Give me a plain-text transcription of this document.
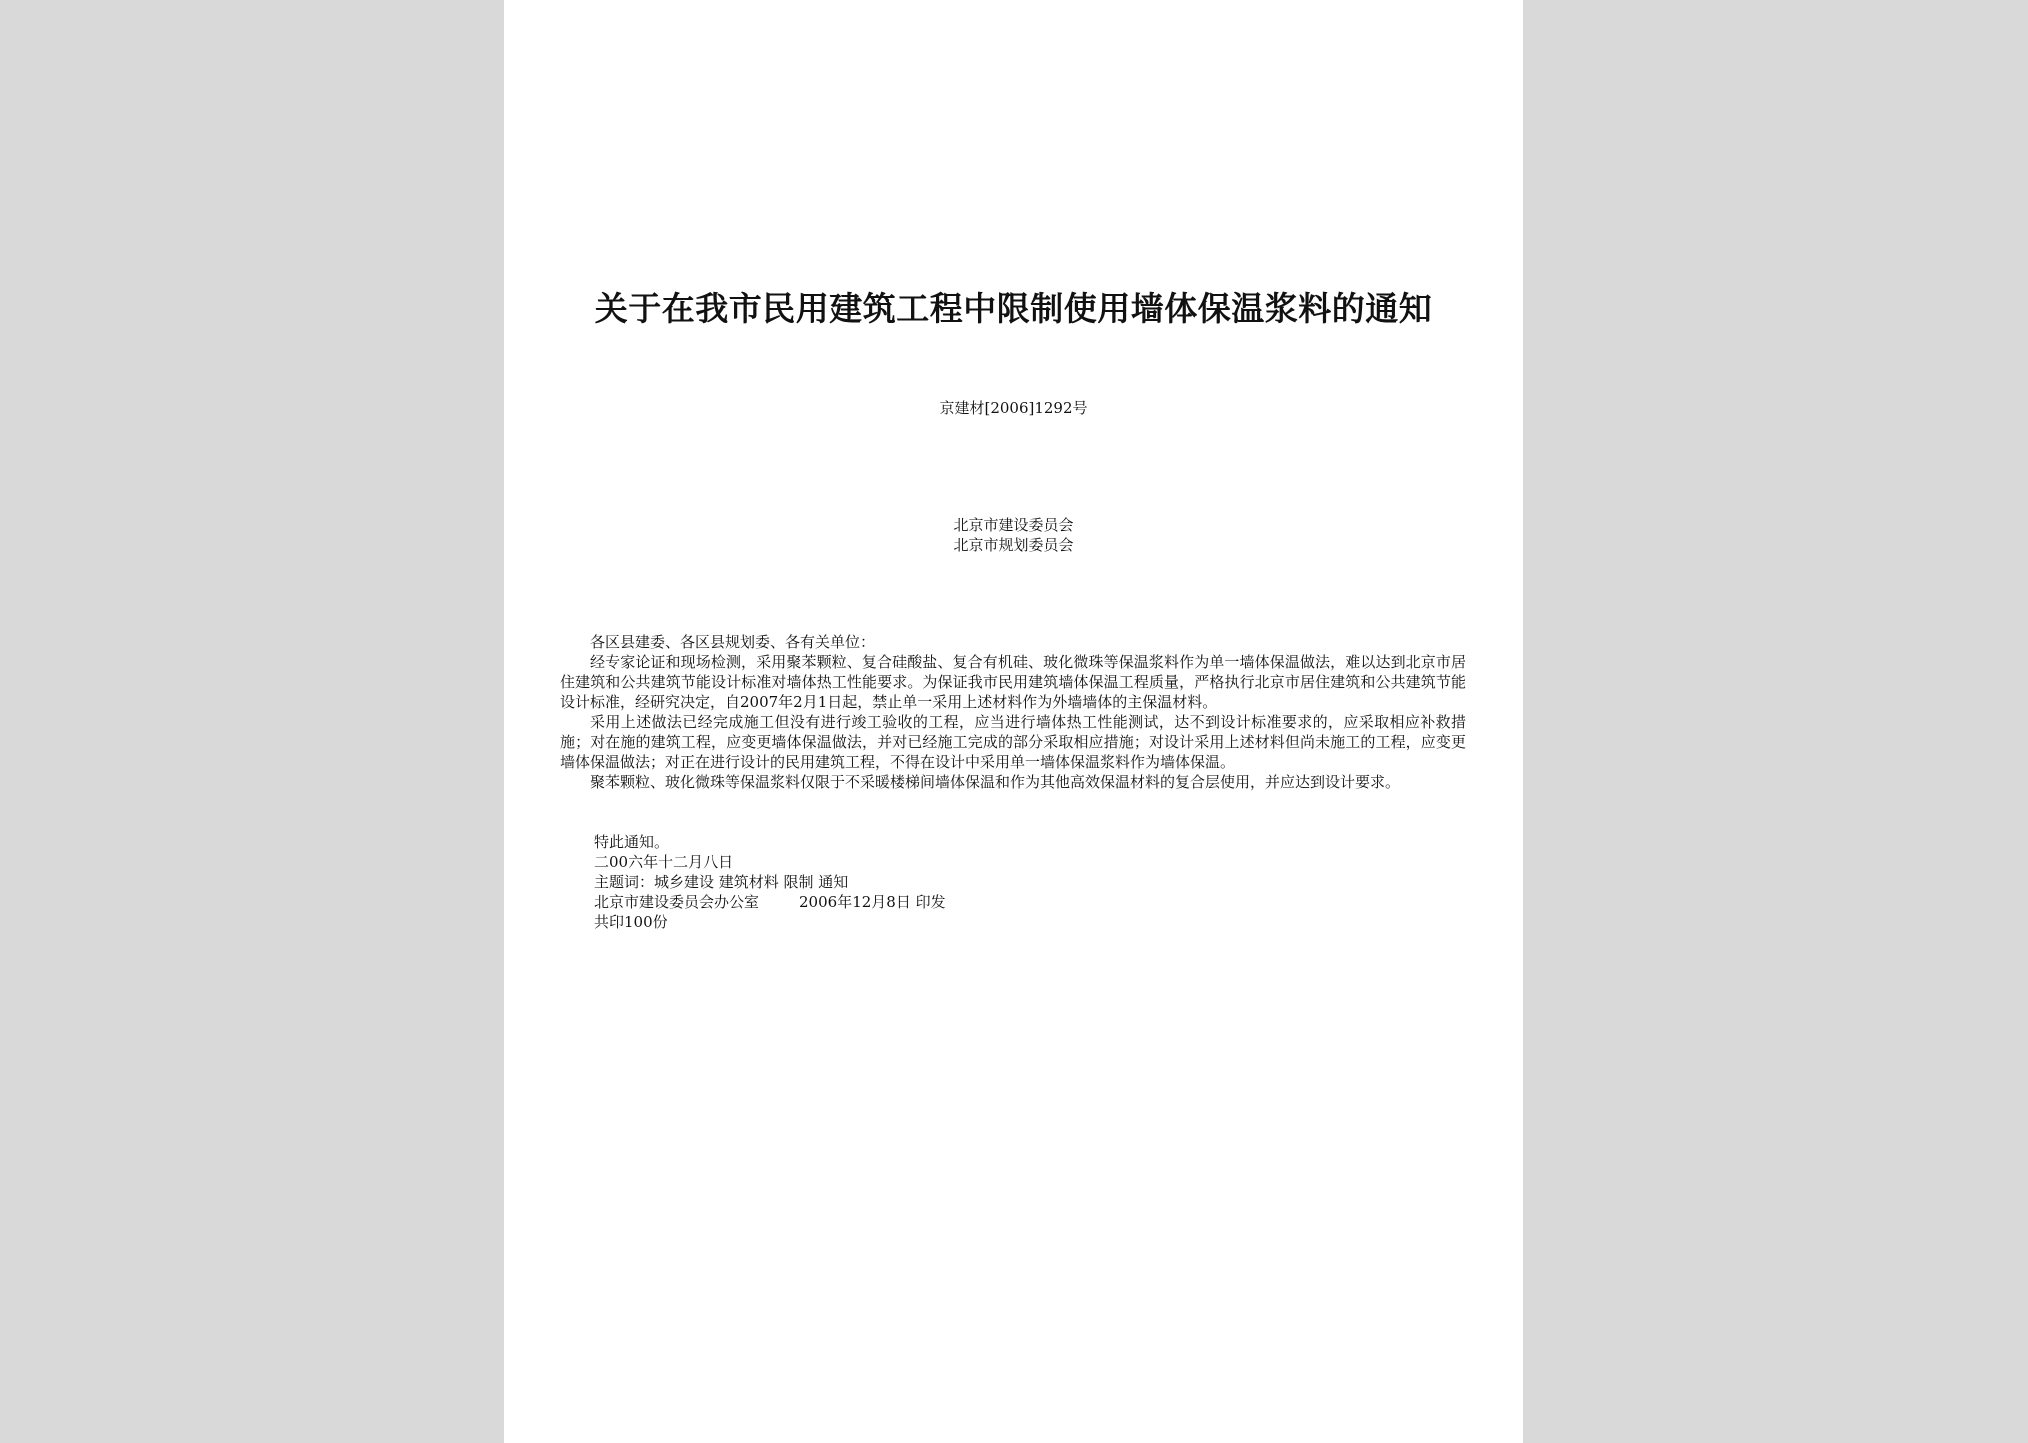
关于在我市民用建筑工程中限制使用墙体保温浆料的通知
京建材[2006]1292号
北京市建设委员会
北京市规划委员会

各区县建委、各区县规划委、各有关单位：

经专家论证和现场检测，采用聚苯颗粒、复合硅酸盐、复合有机硅、玻化微珠等保温浆料作为单一墙体保温做法，难以达到北京市居住建筑和公共建筑节能设计标准对墙体热工性能要求。为保证我市民用建筑墙体保温工程质量，严格执行北京市居住建筑和公共建筑节能设计标准，经研究决定，自2007年2月1日起，禁止单一采用上述材料作为外墙墙体的主保温材料。

采用上述做法已经完成施工但没有进行竣工验收的工程，应当进行墙体热工性能测试，达不到设计标准要求的，应采取相应补救措施；对在施的建筑工程，应变更墙体保温做法，并对已经施工完成的部分采取相应措施；对设计采用上述材料但尚未施工的工程，应变更墙体保温做法；对正在进行设计的民用建筑工程，不得在设计中采用单一墙体保温浆料作为墙体保温。

聚苯颗粒、玻化微珠等保温浆料仅限于不采暖楼梯间墙体保温和作为其他高效保温材料的复合层使用，并应达到设计要求。

特此通知。
二00六年十二月八日
主题词：城乡建设 建筑材料 限制 通知
北京市建设委员会办公室	2006年12月8日 印发
共印100份
